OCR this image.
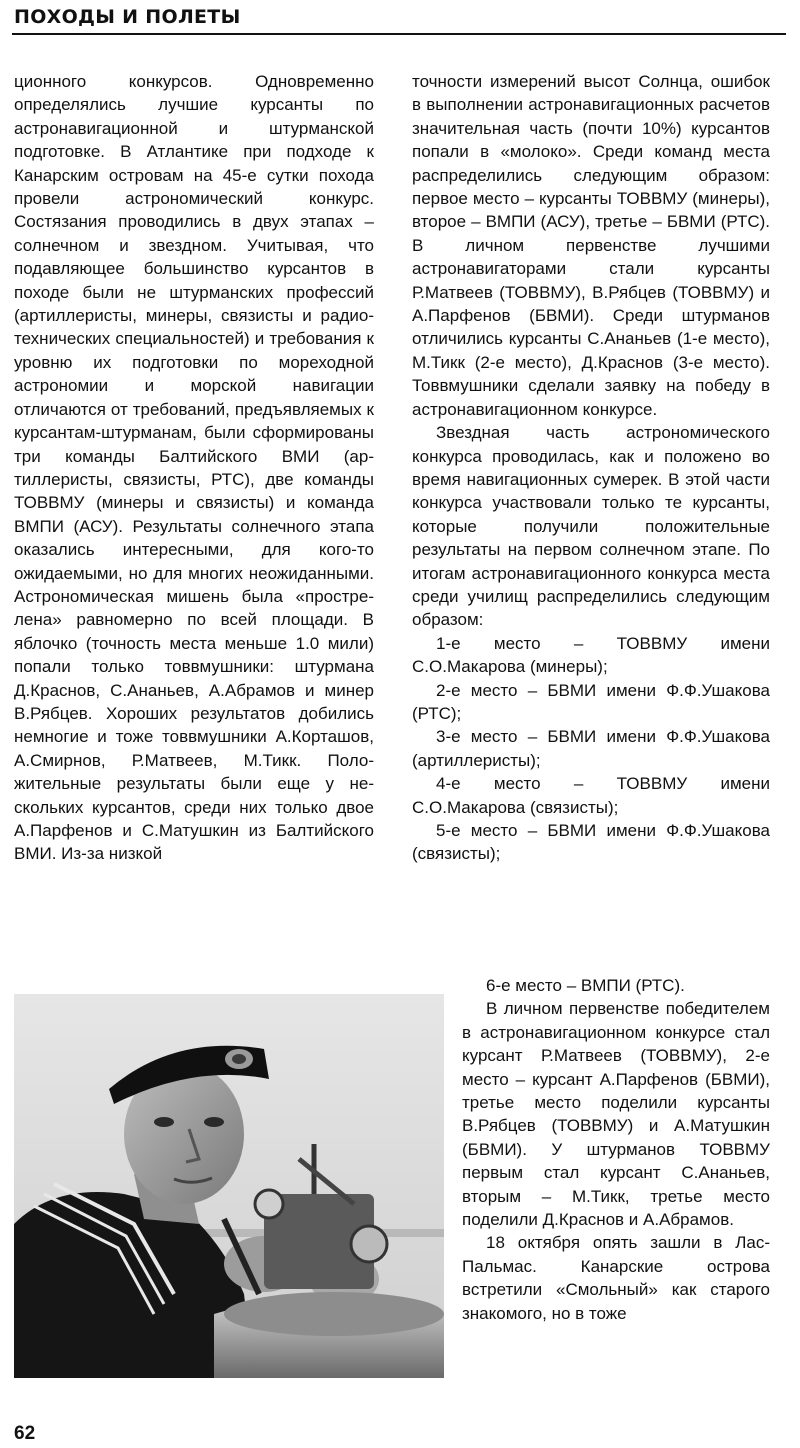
ПОХОДЫ И ПОЛЕТЫ

ционного конкурсов. Одновременно определялись лучшие курсанты по астронавигационной и штурманской подготовке. В Атлантике при подходе к Канарским островам на 45-е сутки похода провели астрономический конкурс. Состязания проводились в двух этапах – солнечном и звездном. Учитывая, что подавляющее большинство курсантов в походе были не штурманских профессий (артиллеристы, минеры, связисты и радиотехнических специальностей) и требования к уровню их подготовки по мореходной астрономии и морской навигации отличаются от требований, предъявляемых к курсантам-штурманам, были сформированы три команды Балтийского ВМИ (артиллеристы, связисты, РТС), две команды ТОВВМУ (минеры и связисты) и команда ВМПИ (АСУ). Результаты солнечного этапа оказались интересными, для кого-то ожидаемыми, но для многих неожиданными. Астрономическая мишень была «прострелена» равномерно по всей площади. В яблочко (точность места меньше 1.0 мили) попали только товвмушники: штурмана Д.Краснов, С.Ананьев, А.Абрамов и минер В.Рябцев. Хороших результатов добились немногие и тоже товвмушники А.Корташов, А.Смирнов, Р.Матвеев, М.Тикк. Положительные результаты были еще у нескольких курсантов, среди них только двое А.Парфенов и С.Матушкин из Балтийского ВМИ. Из-за низкой

точности измерений высот Солнца, ошибок в выполнении астронавигационных расчетов значительная часть (почти 10%) курсантов попали в «молоко». Среди команд места распределились следующим образом: первое место – курсанты ТОВВМУ (минеры), второе – ВМПИ (АСУ), третье – БВМИ (РТС). В личном первенстве лучшими астронавигаторами стали курсанты Р.Матвеев (ТОВВМУ), В.Рябцев (ТОВВМУ) и А.Парфенов (БВМИ). Среди штурманов отличились курсанты С.Ананьев (1-е место), М.Тикк (2-е место), Д.Краснов (3-е место). Товвмушники сделали заявку на победу в астронавигационном конкурсе.

Звездная часть астрономического конкурса проводилась, как и положено во время навигационных сумерек. В этой части конкурса участвовали только те курсанты, которые получили положительные результаты на первом солнечном этапе. По итогам астронавигационного конкурса места среди училищ распределились следующим образом:

1-е место – ТОВВМУ имени С.О.Макарова (минеры);

2-е место – БВМИ имени Ф.Ф.Ушакова (РТС);

3-е место – БВМИ имени Ф.Ф.Ушакова (артиллеристы);

4-е место – ТОВВМУ имени С.О.Макарова (связисты);

5-е место – БВМИ имени Ф.Ф.Ушакова (связисты);

6-е место – ВМПИ (РТС).

В личном первенстве победителем в астронавигационном конкурсе стал курсант Р.Матвеев (ТОВВМУ), 2-е место – курсант А.Парфенов (БВМИ), третье место поделили курсанты В.Рябцев (ТОВВМУ) и А.Матушкин (БВМИ). У штурманов ТОВВМУ первым стал курсант С.Ананьев, вторым – М.Тикк, третье место поделили Д.Краснов и А.Абрамов.

18 октября опять зашли в Лас-Пальмас. Канарские острова встретили «Смольный» как старого знакомого, но в тоже

62
